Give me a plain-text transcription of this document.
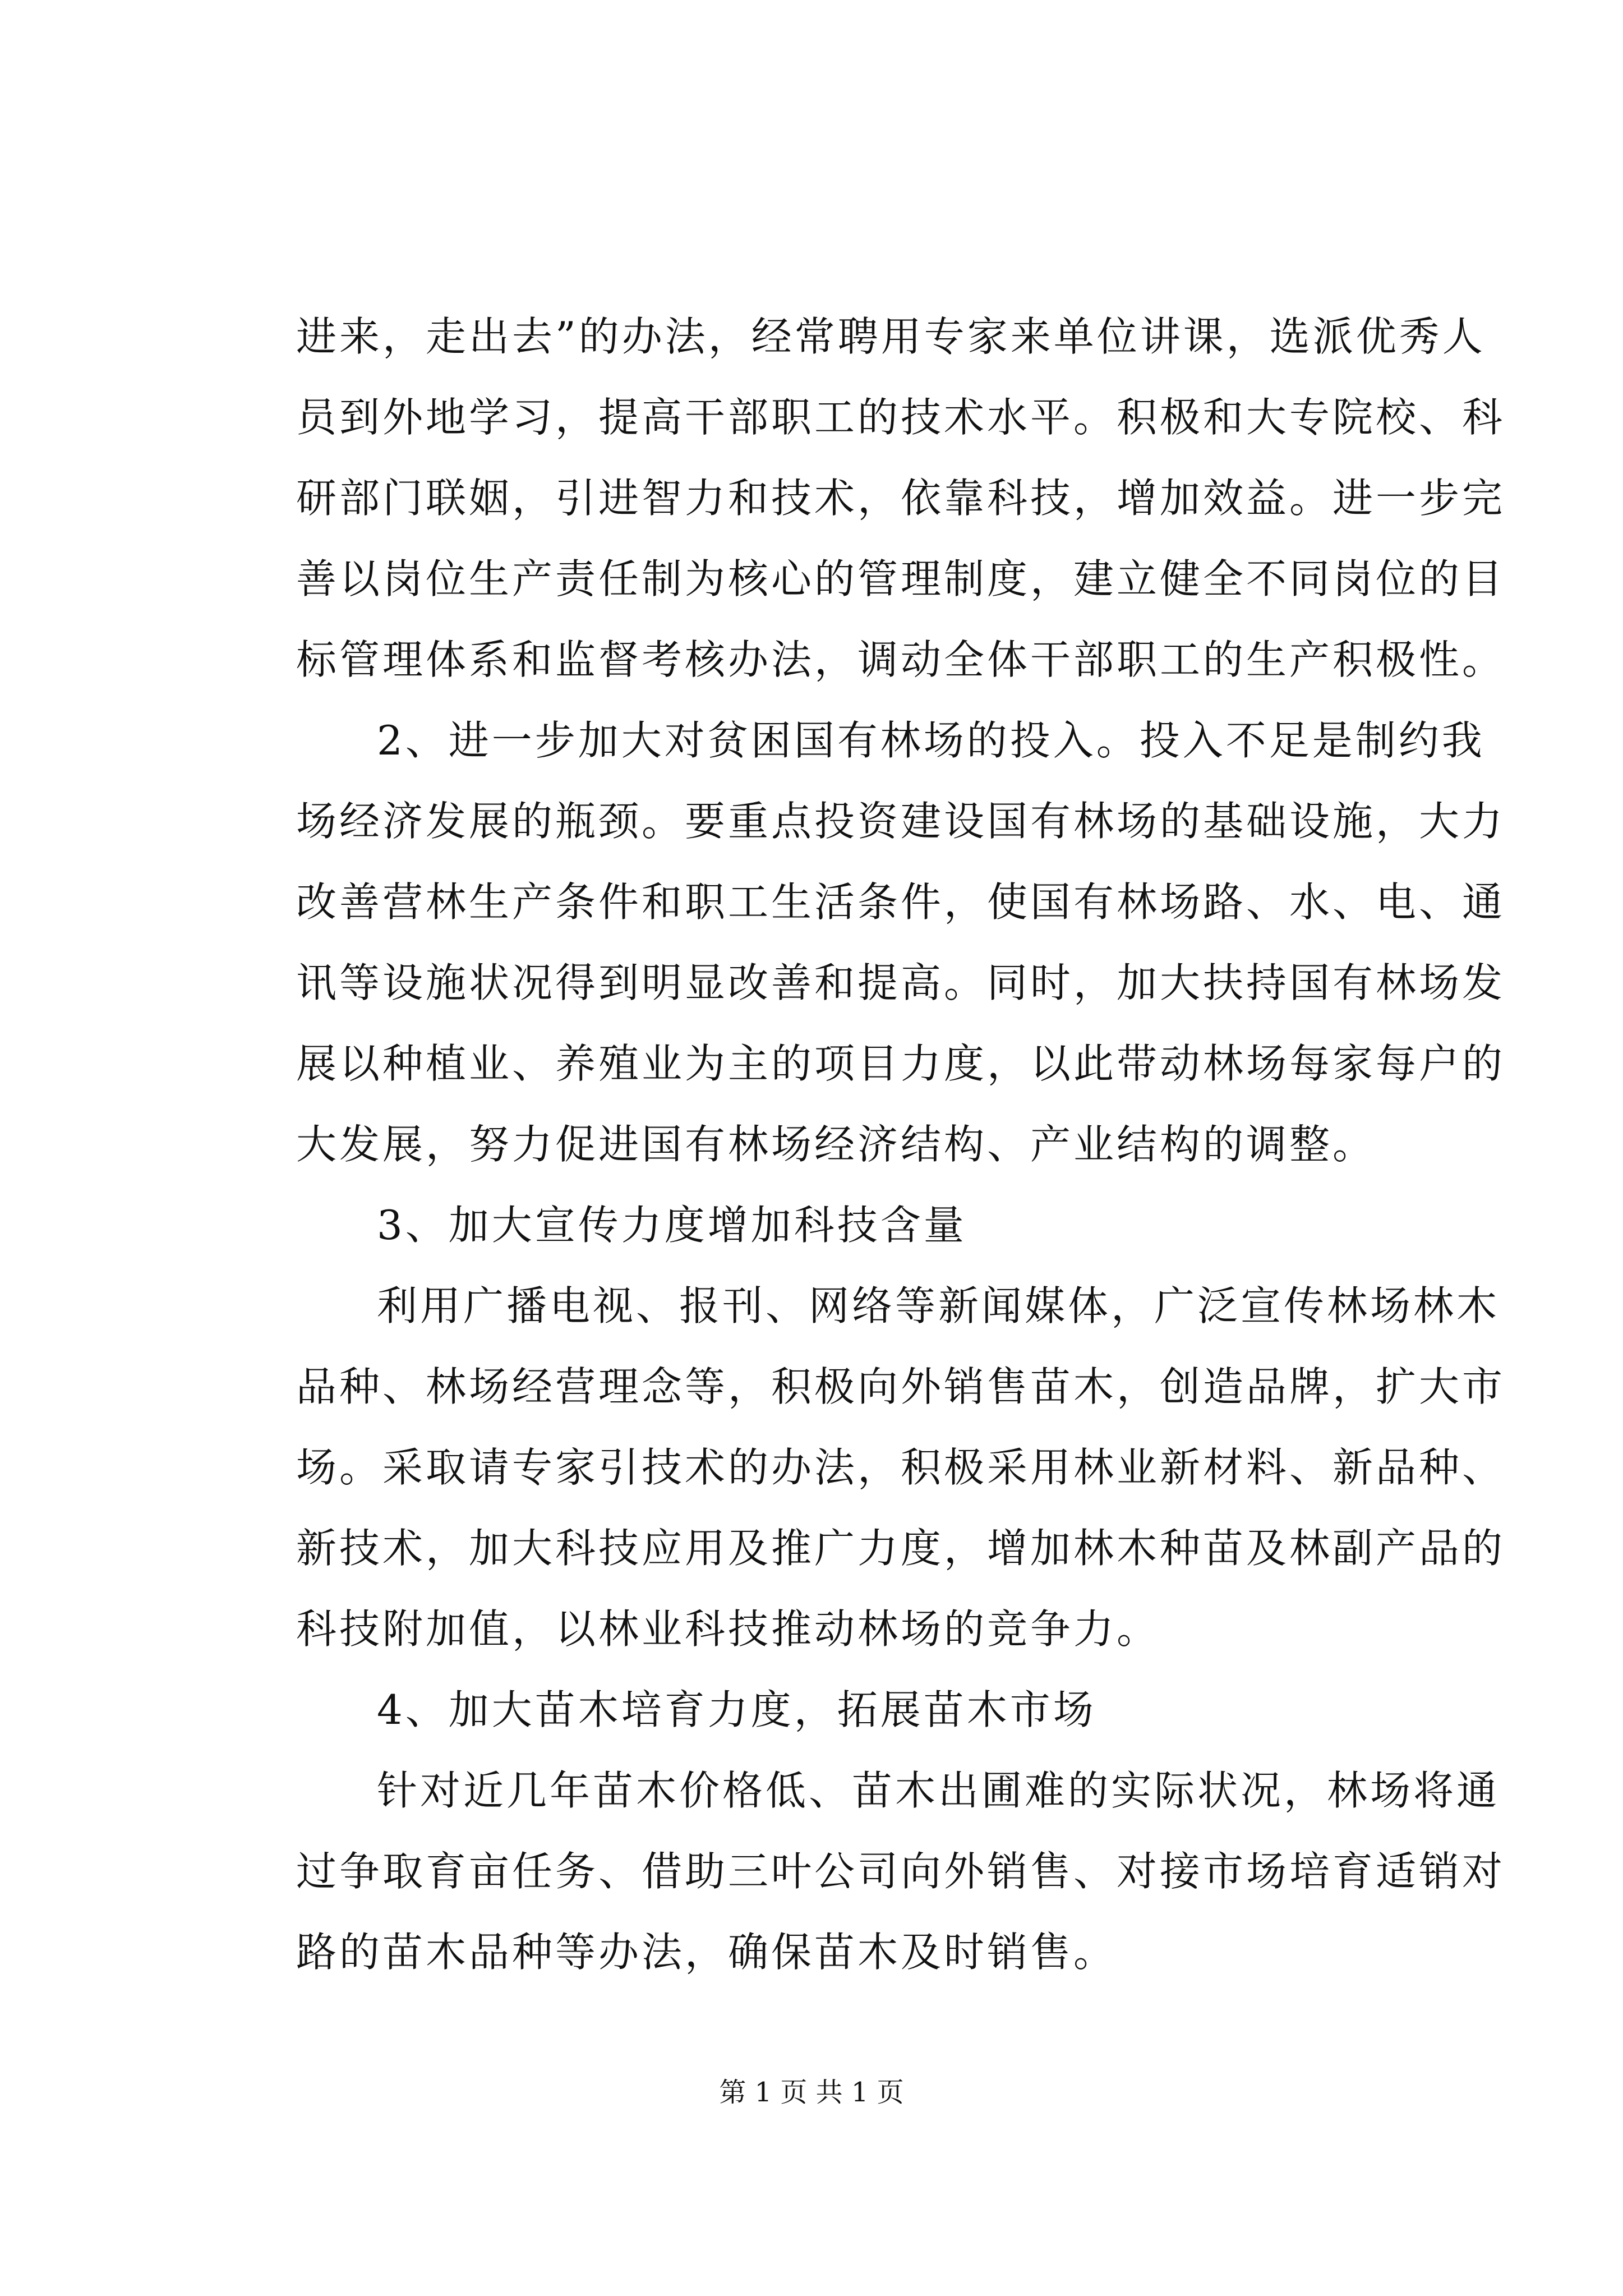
进来，走出去”的办法，经常聘用专家来单位讲课，选派优秀人
员到外地学习，提高干部职工的技术水平。积极和大专院校、科
研部门联姻，引进智力和技术，依靠科技，增加效益。进一步完
善以岗位生产责任制为核心的管理制度，建立健全不同岗位的目
标管理体系和监督考核办法，调动全体干部职工的生产积极性。
2、进一步加大对贫困国有林场的投入。投入不足是制约我
场经济发展的瓶颈。要重点投资建设国有林场的基础设施，大力
改善营林生产条件和职工生活条件，使国有林场路、水、电、通
讯等设施状况得到明显改善和提高。同时，加大扶持国有林场发
展以种植业、养殖业为主的项目力度，以此带动林场每家每户的
大发展，努力促进国有林场经济结构、产业结构的调整。
3、加大宣传力度增加科技含量
利用广播电视、报刊、网络等新闻媒体，广泛宣传林场林木
品种、林场经营理念等，积极向外销售苗木，创造品牌，扩大市
场。采取请专家引技术的办法，积极采用林业新材料、新品种、
新技术，加大科技应用及推广力度，增加林木种苗及林副产品的
科技附加值，以林业科技推动林场的竞争力。
4、加大苗木培育力度，拓展苗木市场
针对近几年苗木价格低、苗木出圃难的实际状况，林场将通
过争取育亩任务、借助三叶公司向外销售、对接市场培育适销对
路的苗木品种等办法，确保苗木及时销售。
第 1 页 共 1 页
